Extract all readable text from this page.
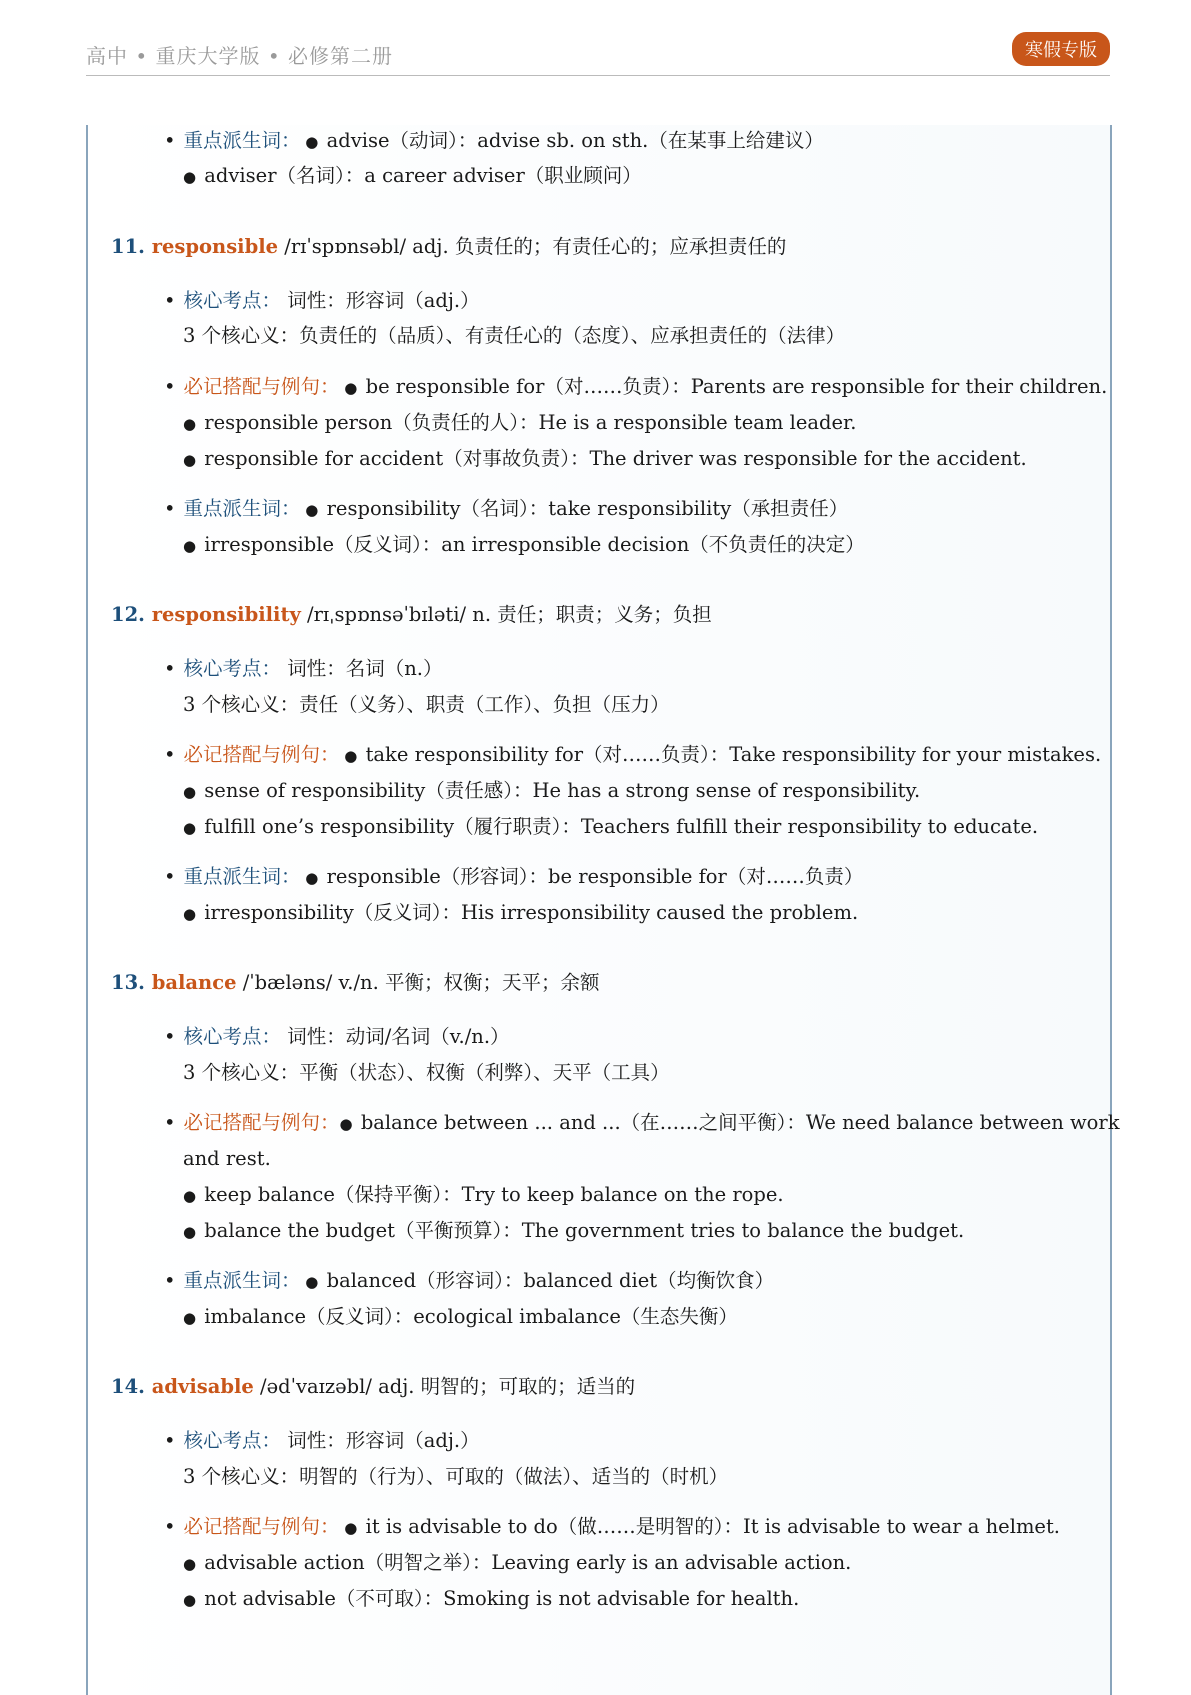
高中 • 重庆大学版 • 必修第二册	寒假专版
• 重点派生词： ● advise（动词）：advise sb. on sth.（在某事上给建议）
● adviser（名词）：a career adviser（职业顾问）
11. responsible /rɪˈspɒnsəbl/ adj. 负责任的；有责任心的；应承担责任的
• 核心考点： 词性：形容词（adj.）
3 个核心义：负责任的（品质）、有责任心的（态度）、应承担责任的（法律）
• 必记搭配与例句： ● be responsible for（对……负责）：Parents are responsible for their children.
● responsible person（负责任的人）：He is a responsible team leader.
● responsible for accident（对事故负责）：The driver was responsible for the accident.
• 重点派生词： ● responsibility（名词）：take responsibility（承担责任）
● irresponsible（反义词）：an irresponsible decision（不负责任的决定）
12. responsibility /rɪˌspɒnsəˈbɪləti/ n. 责任；职责；义务；负担
• 核心考点： 词性：名词（n.）
3 个核心义：责任（义务）、职责（工作）、负担（压力）
• 必记搭配与例句： ● take responsibility for（对……负责）：Take responsibility for your mistakes.
● sense of responsibility（责任感）：He has a strong sense of responsibility.
● fulfill one’s responsibility（履行职责）：Teachers fulfill their responsibility to educate.
• 重点派生词： ● responsible（形容词）：be responsible for（对……负责）
● irresponsibility（反义词）：His irresponsibility caused the problem.
13. balance /ˈbæləns/ v./n. 平衡；权衡；天平；余额
• 核心考点： 词性：动词/名词（v./n.）
3 个核心义：平衡（状态）、权衡（利弊）、天平（工具）
• 必记搭配与例句：● balance between ... and ...（在……之间平衡）：We need balance between work
and rest.
● keep balance（保持平衡）：Try to keep balance on the rope.
● balance the budget（平衡预算）：The government tries to balance the budget.
• 重点派生词： ● balanced（形容词）：balanced diet（均衡饮食）
● imbalance（反义词）：ecological imbalance（生态失衡）
14. advisable /ədˈvaɪzəbl/ adj. 明智的；可取的；适当的
• 核心考点： 词性：形容词（adj.）
3 个核心义：明智的（行为）、可取的（做法）、适当的（时机）
• 必记搭配与例句： ● it is advisable to do（做……是明智的）：It is advisable to wear a helmet.
● advisable action（明智之举）：Leaving early is an advisable action.
● not advisable（不可取）：Smoking is not advisable for health.
